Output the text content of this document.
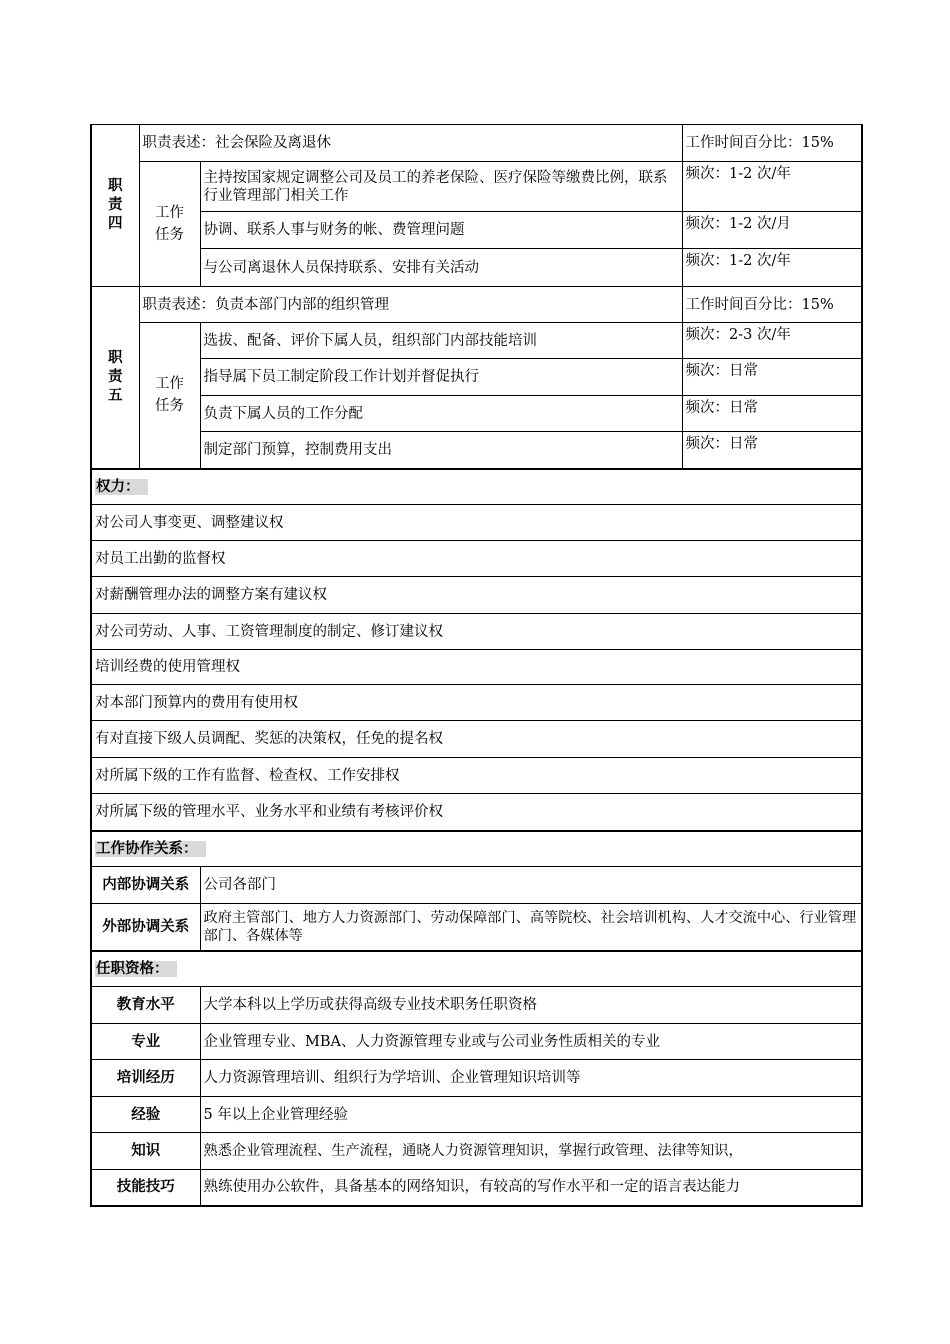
职
责
四	职责表述：社会保险及离退休		工作时间百分比：15%
	工作
任务	主持按国家规定调整公司及员工的养老保险、医疗保险等缴费比例，联系行业管理部门相关工作	频次：1-2 次/年
		协调、联系人事与财务的帐、费管理问题	频次：1-2 次/月
		与公司离退休人员保持联系、安排有关活动	频次：1-2 次/年
职
责
五	职责表述：负责本部门内部的组织管理		工作时间百分比：15%
	工作
任务	选拔、配备、评价下属人员，组织部门内部技能培训	频次：2-3 次/年
		指导属下员工制定阶段工作计划并督促执行	频次：日常
		负责下属人员的工作分配	频次：日常
		制定部门预算，控制费用支出	频次：日常
权力：			
对公司人事变更、调整建议权			
对员工出勤的监督权			
对薪酬管理办法的调整方案有建议权			
对公司劳动、人事、工资管理制度的制定、修订建议权			
培训经费的使用管理权			
对本部门预算内的费用有使用权			
有对直接下级人员调配、奖惩的决策权，任免的提名权			
对所属下级的工作有监督、检查权、工作安排权			
对所属下级的管理水平、业务水平和业绩有考核评价权			
工作协作关系：			
内部协调关系		公司各部门	
外部协调关系		政府主管部门、地方人力资源部门、劳动保障部门、高等院校、社会培训机构、人才交流中心、行业管理部门、各媒体等	
任职资格：			
教育水平		大学本科以上学历或获得高级专业技术职务任职资格	
专业		企业管理专业、MBA、人力资源管理专业或与公司业务性质相关的专业	
培训经历		人力资源管理培训、组织行为学培训、企业管理知识培训等	
经验		5 年以上企业管理经验	
知识		熟悉企业管理流程、生产流程，通晓人力资源管理知识，掌握行政管理、法律等知识，	
技能技巧		熟练使用办公软件，具备基本的网络知识，有较高的写作水平和一定的语言表达能力	
